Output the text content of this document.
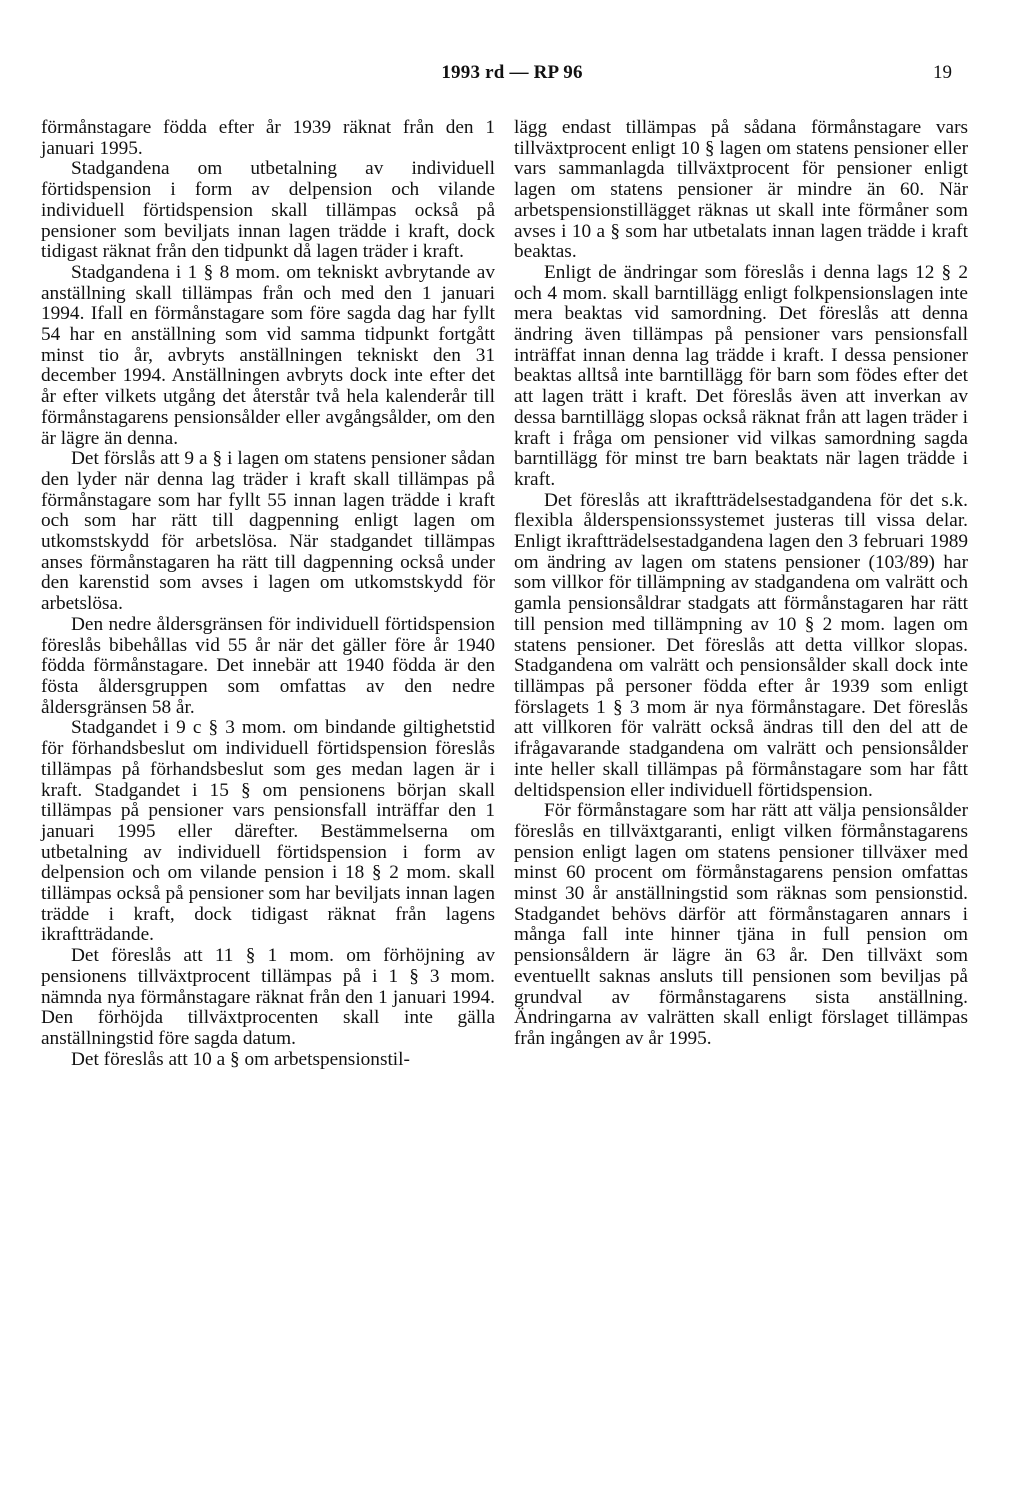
1993 rd — RP 96	19

förmånstagare födda efter år 1939 räknat från den 1 januari 1995.

Stadgandena om utbetalning av individuell förtidspension i form av delpension och vilande individuell förtidspension skall tillämpas också på pensioner som beviljats innan lagen trädde i kraft, dock tidigast räknat från den tidpunkt då lagen träder i kraft.

Stadgandena i 1 § 8 mom. om tekniskt avbrytande av anställning skall tillämpas från och med den 1 januari 1994. Ifall en förmånstagare som före sagda dag har fyllt 54 har en anställning som vid samma tidpunkt fortgått minst tio år, avbryts anställningen tekniskt den 31 december 1994. Anställningen avbryts dock inte efter det år efter vilkets utgång det återstår två hela kalenderår till förmånstagarens pensionsålder eller avgångsålder, om den är lägre än denna.

Det förslås att 9 a § i lagen om statens pensioner sådan den lyder när denna lag träder i kraft skall tillämpas på förmånstagare som har fyllt 55 innan lagen trädde i kraft och som har rätt till dagpenning enligt lagen om utkomstskydd för arbetslösa. När stadgandet tillämpas anses förmånstagaren ha rätt till dagpenning också under den karenstid som avses i lagen om utkomstskydd för arbetslösa.

Den nedre åldersgränsen för individuell förtidspension föreslås bibehållas vid 55 år när det gäller före år 1940 födda förmånstagare. Det innebär att 1940 födda är den fösta åldersgruppen som omfattas av den nedre åldersgränsen 58 år.

Stadgandet i 9 c § 3 mom. om bindande giltighetstid för förhandsbeslut om individuell förtidspension föreslås tillämpas på förhandsbeslut som ges medan lagen är i kraft. Stadgandet i 15 § om pensionens början skall tillämpas på pensioner vars pensionsfall inträffar den 1 januari 1995 eller därefter. Bestämmelserna om utbetalning av individuell förtidspension i form av delpension och om vilande pension i 18 § 2 mom. skall tillämpas också på pensioner som har beviljats innan lagen trädde i kraft, dock tidigast räknat från lagens ikraftträdande.

Det föreslås att 11 § 1 mom. om förhöjning av pensionens tillväxtprocent tillämpas på i 1 § 3 mom. nämnda nya förmånstagare räknat från den 1 januari 1994. Den förhöjda tillväxtprocenten skall inte gälla anställningstid före sagda datum.

Det föreslås att 10 a § om arbetspensionstil-

lägg endast tillämpas på sådana förmånstagare vars tillväxtprocent enligt 10 § lagen om statens pensioner eller vars sammanlagda tillväxtprocent för pensioner enligt lagen om statens pensioner är mindre än 60. När arbetspensionstillägget räknas ut skall inte förmåner som avses i 10 a § som har utbetalats innan lagen trädde i kraft beaktas.

Enligt de ändringar som föreslås i denna lags 12 § 2 och 4 mom. skall barntillägg enligt folkpensionslagen inte mera beaktas vid samordning. Det föreslås att denna ändring även tillämpas på pensioner vars pensionsfall inträffat innan denna lag trädde i kraft. I dessa pensioner beaktas alltså inte barntillägg för barn som födes efter det att lagen trätt i kraft. Det föreslås även att inverkan av dessa barntillägg slopas också räknat från att lagen träder i kraft i fråga om pensioner vid vilkas samordning sagda barntillägg för minst tre barn beaktats när lagen trädde i kraft.

Det föreslås att ikraftträdelsestadgandena för det s.k. flexibla ålderspensionssystemet justeras till vissa delar. Enligt ikraftträdelsestadgandena lagen den 3 februari 1989 om ändring av lagen om statens pensioner (103/89) har som villkor för tillämpning av stadgandena om valrätt och gamla pensionsåldrar stadgats att förmånstagaren har rätt till pension med tillämpning av 10 § 2 mom. lagen om statens pensioner. Det föreslås att detta villkor slopas. Stadgandena om valrätt och pensionsålder skall dock inte tillämpas på personer födda efter år 1939 som enligt förslagets 1 § 3 mom är nya förmånstagare. Det föreslås att villkoren för valrätt också ändras till den del att de ifrågavarande stadgandena om valrätt och pensionsålder inte heller skall tillämpas på förmånstagare som har fått deltidspension eller individuell förtidspension.

För förmånstagare som har rätt att välja pensionsålder föreslås en tillväxtgaranti, enligt vilken förmånstagarens pension enligt lagen om statens pensioner tillväxer med minst 60 procent om förmånstagarens pension omfattas minst 30 år anställningstid som räknas som pensionstid. Stadgandet behövs därför att förmånstagaren annars i många fall inte hinner tjäna in full pension om pensionsåldern är lägre än 63 år. Den tillväxt som eventuellt saknas ansluts till pensionen som beviljas på grundval av förmånstagarens sista anställning. Ändringarna av valrätten skall enligt förslaget tillämpas från ingången av år 1995.
